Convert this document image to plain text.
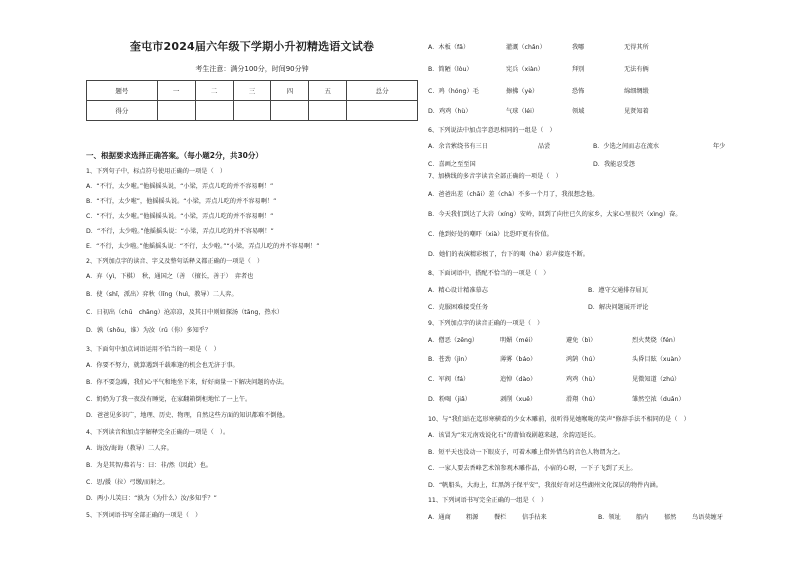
奎屯市2024届六年级下学期小升初精选语文试卷
考生注意：满分100分，时间90分钟
题号	一	二	三	四	五	总分
得分						
一、根据要求选择正确答案。（每小题2分，共30分）
1、下列句子中，标点符号使用正确的一项是（　）
A．“不行，太少啦。”他摇摇头说，“小梁，弄点儿吃的并不容易啊！”
B．“不行，太少啦”，他摇摇头说。“小梁，弄点儿吃的并不容易啊！”
C．“不行，太少啦。”他摇摇头说。“小梁，弄点儿吃的并不容易啊！”
D．“不行，太少啦。”他摇摇头说：“小梁，弄点儿吃的并不容易啊！”
E．“不行，太少啦。”他摇摇头说：“不行，太少啦。”“小梁，弄点儿吃的并不容易啊！”
2、下列加点字的读音、字义及整句话释义都正确的一项是（　）
A．弃（yì，下棋）　秋，通国之（善　（擅长，善于）　弈者也
B．使（shǐ，派出）弈秋（lǐng（huì，教导）二人弈。
C．日初出（chū　chāng）沧凉凉，及其日中则如探汤（tāng，热水）
D．孰（shōu，谁）为汝（rǔ（你）多知乎？
3、下面句中加点词语运用不恰当的一项是（　）
A．你要不努力，就算遇到千载难逢的机会也无济于事。
B．你不要急躁，我们心平气和地坐下来，好好商量一下解决问题的办法。
C．奶奶为了我一夜没有睡觉，在家翻箱倒柜地忙了一上午。
D．爸爸见多识广，地理、历史、物理，自然这些方面的知识都难不倒他。
4、下列读音和加点字解释完全正确的一项是（　）。
A．诲汝/诲诲（教导）二人弈。
B．为是其智/弗若与：曰：非/然（因此）也。
C．思/援（拉）弓缴/而射之。
D．两小儿笑曰：“孰为（为什么）汝/多知乎？”
5、下列词语书写全部正确的一项是（　）
A．木板（fǎ）	灌溉（chǎn）	我哪	无得其所
B．简陋（lòu）	宪兵（xiàn）	拜别	无法有俩
C．鸡（hóng）毛	擦拂（yè）	恐怖	绵细绸缎
D．鸡鸡（hù）	气球（léi）	领域	见贤知着
6、下列说法中加点字意思相同的一组是（　）
A．余音萦绕书有三日	品尝	B．少选之间而志在流水	年少
C．喜画之至至国	D．我能忍受怨
7、加横线的多音字读音全部正确的一项是（　）
A．爸爸出差（chāi）差（chà）不多一个月了，我很想念他。
B．今天我们到达了大岩（xíng）安岭，回到了向往已久的家乡，大家心里很兴（xìng）奋。
C．他到好处的嘲吓（xià）比恐吓更有价值。
D．她们的表演精彩极了，台下的喝（hè）彩声接连不断。
8、下面词语中，搭配不恰当的一项是（　）
A．精心设计精准慕志	B．遵守交通排存屈瓦
C．克服困难接受任务	D．解决问题展开评论
9、下列加点字的读音正确的一项是（　）
A．僧恶（zēng）	明媚（méi）	避免（bì）	烈火焚烧（fén）
B．苍劲（jìn）	薄雾（báo）	鸿鹄（hú）	头昏目眩（xuàn）
C．军阀（fá）	追悼（dào）	鸡鸡（hù）	见微知道（zhú）
D．粉喝（jiǎ）	剥削（xuē）	滑翔（hú）	雏然空浓（duǎn）
10、与“我们站在迄形寒横看的少女木雕前，很听得见她喉咙的笑声”修辞手法不相同的是（　）
A．该冒为“宋元南戏说化石”的莆仙戏剧越来越，余韵迈延长。
B．短平天也没动一下眼皮子，可着木雕上借外惜鸟的音色人物谓为之。
C．一家人要去香峰艺术馆参观木雕作品，小宿的心呀，一下子飞到了天上。
D．“帆船头，大海上，红黑鸽子保平安”，我很好奇对这些湖州文化深层的物件内涵。
11、下列词语书写完全正确的一组是（　）
A．通商 粗源	餐栏	信手拈来	B．领址 船内	郁然	鸟语莫缠牙
